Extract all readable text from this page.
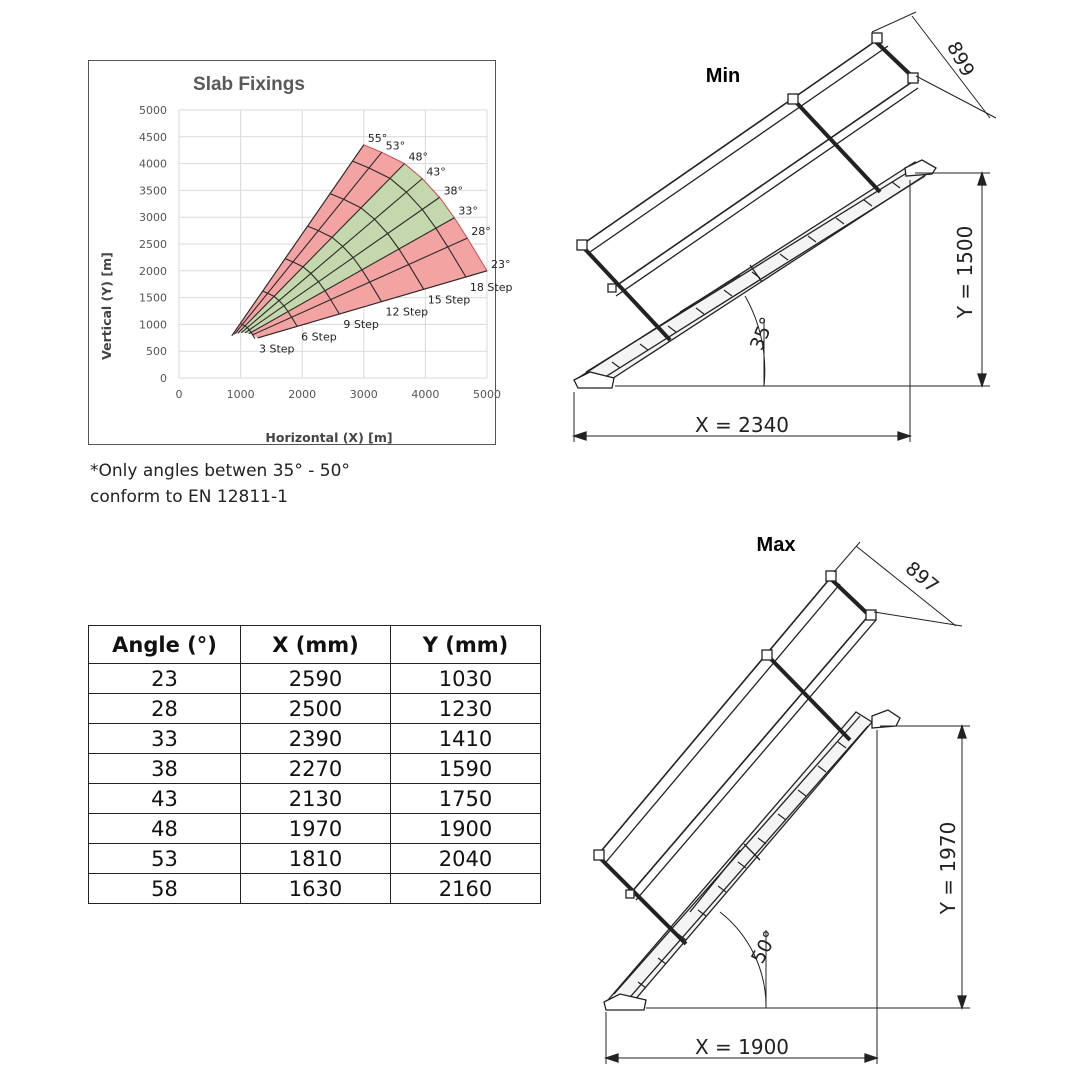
Slab Fixings
0	1000	2000	3000	4000	5000
0
500
1000
1500
2000
2500
3000
3500
4000
4500
5000
55°
53°
48°
43°
38°
33°
28°
23°
3 Step
6 Step
9 Step
12 Step
15 Step
18 Step
Horizontal (X) [m]
Vertical (Y) [m]
*Only angles betwen 35° - 50°
conform to EN 12811-1
Angle (°)	X (mm)	Y (mm)
23	2590	1030
28	2500	1230
33	2390	1410
38	2270	1590
43	2130	1750
48	1970	1900
53	1810	2040
58	1630	2160
Min	899
Y = 1500
X = 2340
35°
Max
897
Y = 1970
X = 1900
50°
